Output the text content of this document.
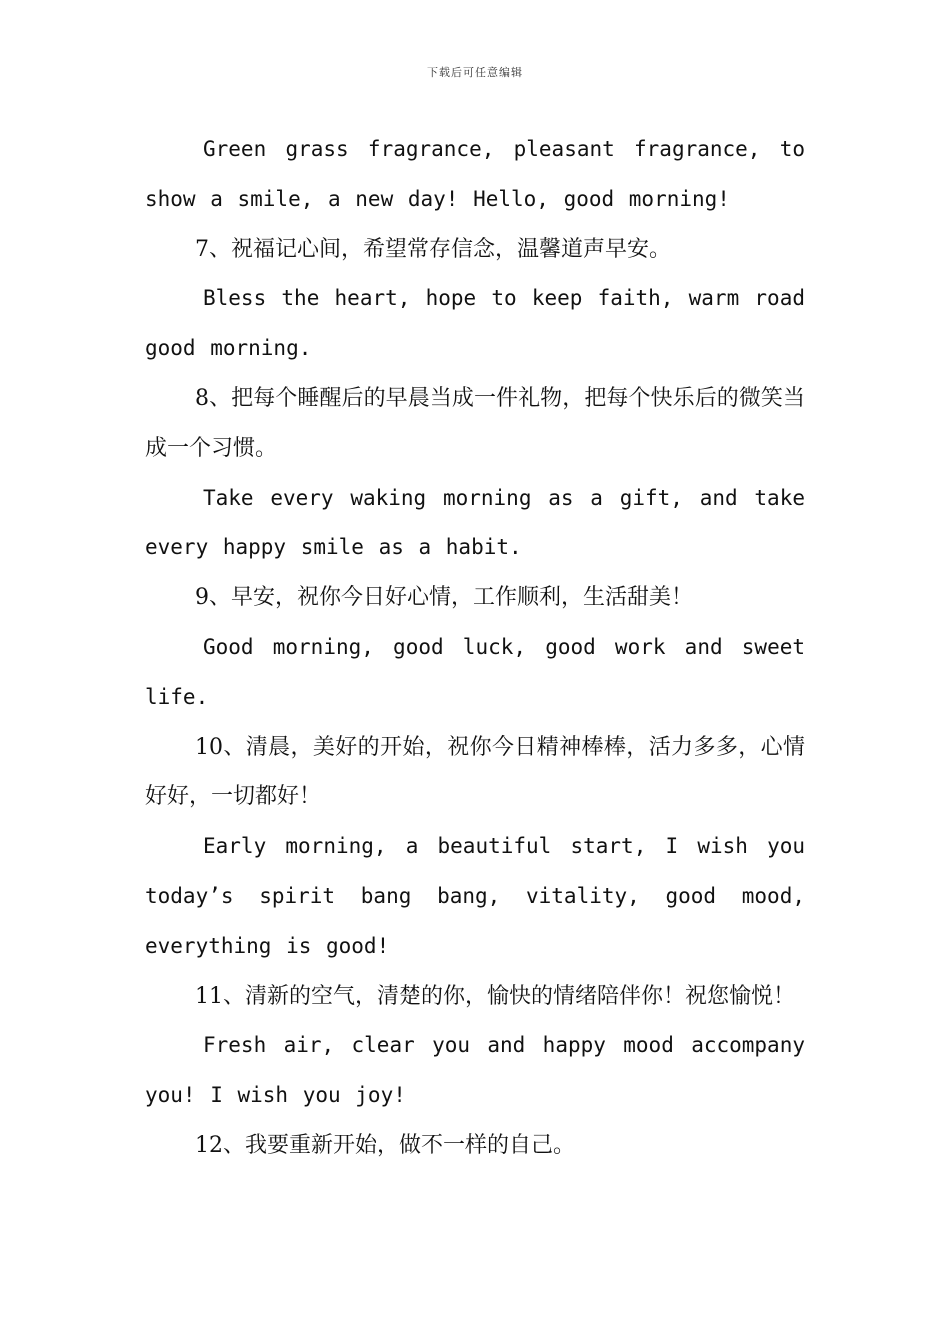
下载后可任意编辑

Green grass fragrance, pleasant fragrance, to show a smile, a new day! Hello, good morning!

7、祝福记心间，希望常存信念，温馨道声早安。

Bless the heart, hope to keep faith, warm road good morning.

8、把每个睡醒后的早晨当成一件礼物，把每个快乐后的微笑当成一个习惯。

Take every waking morning as a gift, and take every happy smile as a habit.

9、早安，祝你今日好心情，工作顺利，生活甜美！

Good morning, good luck, good work and sweet life.

10、清晨，美好的开始，祝你今日精神棒棒，活力多多，心情好好，一切都好！

Early morning, a beautiful start, I wish you today’s spirit bang bang, vitality, good mood, everything is good!

11、清新的空气，清楚的你，愉快的情绪陪伴你！祝您愉悦！

Fresh air, clear you and happy mood accompany you! I wish you joy!

12、我要重新开始，做不一样的自己。
